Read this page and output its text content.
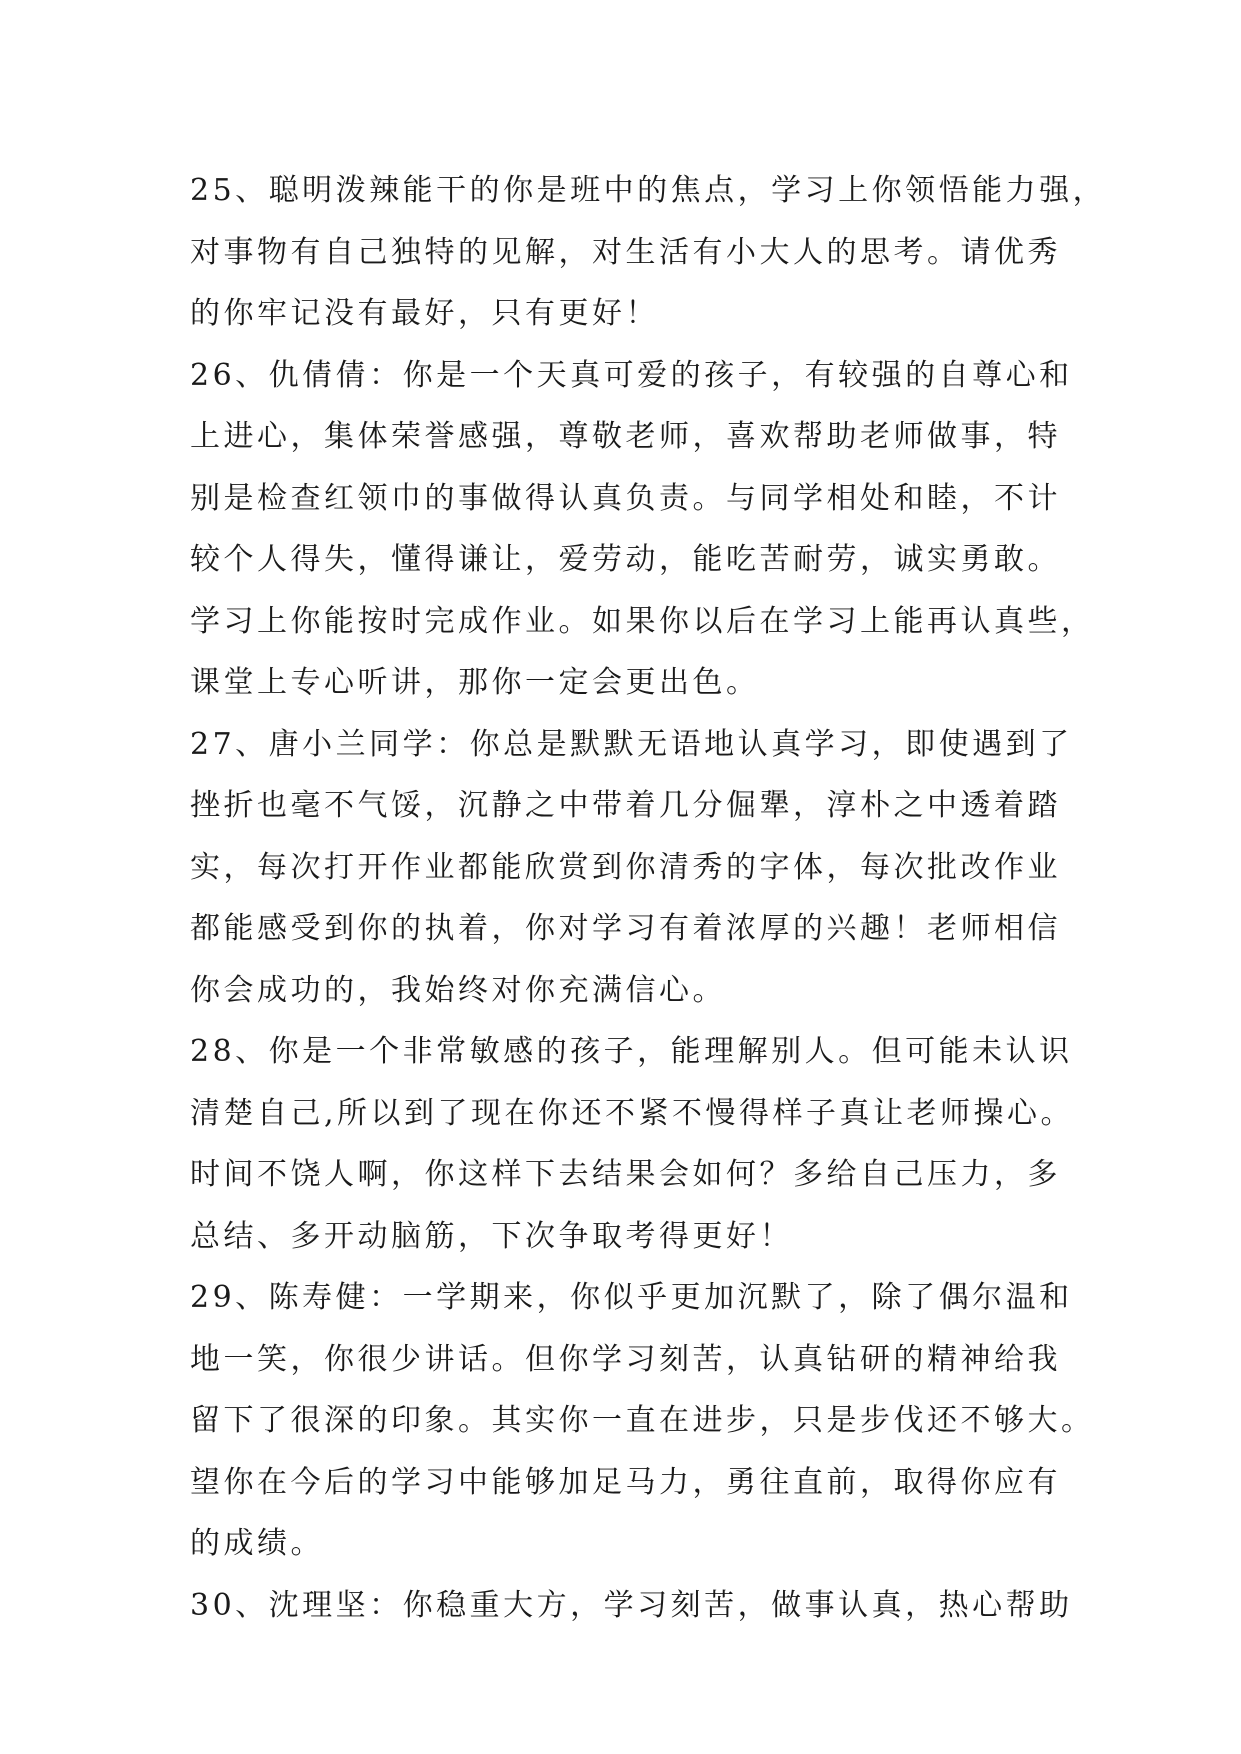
25、聪明泼辣能干的你是班中的焦点，学习上你领悟能力强，
对事物有自己独特的见解，对生活有小大人的思考。请优秀
的你牢记没有最好，只有更好！
26、仇倩倩：你是一个天真可爱的孩子，有较强的自尊心和
上进心，集体荣誉感强，尊敬老师，喜欢帮助老师做事，特
别是检查红领巾的事做得认真负责。与同学相处和睦，不计
较个人得失，懂得谦让，爱劳动，能吃苦耐劳，诚实勇敢。
学习上你能按时完成作业。如果你以后在学习上能再认真些，
课堂上专心听讲，那你一定会更出色。
27、唐小兰同学：你总是默默无语地认真学习，即使遇到了
挫折也毫不气馁，沉静之中带着几分倔犟，淳朴之中透着踏
实，每次打开作业都能欣赏到你清秀的字体，每次批改作业
都能感受到你的执着，你对学习有着浓厚的兴趣！老师相信
你会成功的，我始终对你充满信心。
28、你是一个非常敏感的孩子，能理解别人。但可能未认识
清楚自己,所以到了现在你还不紧不慢得样子真让老师操心。
时间不饶人啊，你这样下去结果会如何？多给自己压力，多
总结、多开动脑筋，下次争取考得更好！
29、陈寿健：一学期来，你似乎更加沉默了，除了偶尔温和
地一笑，你很少讲话。但你学习刻苦，认真钻研的精神给我
留下了很深的印象。其实你一直在进步，只是步伐还不够大。
望你在今后的学习中能够加足马力，勇往直前，取得你应有
的成绩。
30、沈理坚：你稳重大方，学习刻苦，做事认真，热心帮助
